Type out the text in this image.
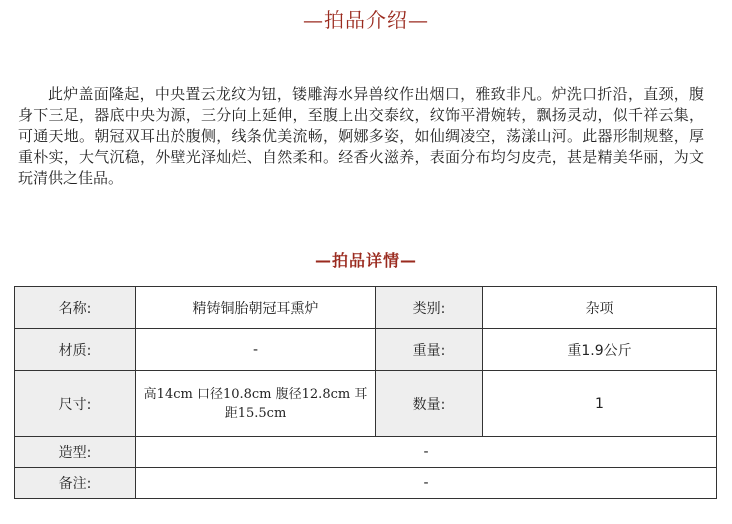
—拍品介绍—

此炉盖面隆起，中央置云龙纹为钮，镂雕海水异兽纹作出烟口，雅致非凡。炉洗口折沿，直颈，腹身下三足，器底中央为源，三分向上延伸，至腹上出交泰纹，纹饰平滑婉转，飘扬灵动，似千祥云集，可通天地。朝冠双耳出於腹侧，线条优美流畅，婀娜多姿，如仙绸凌空，荡漾山河。此器形制规整，厚重朴实，大气沉稳，外壁光泽灿烂、自然柔和。经香火滋养，表面分布均匀皮壳，甚是精美华丽，为文玩清供之佳品。

—拍品详情—
名称:	精铸铜胎朝冠耳熏炉	类别:	杂项
材质:	-	重量:	重1.9公斤
尺寸:	高14cm 口径10.8cm 腹径12.8cm 耳距15.5cm	数量:	1
造型:	-		
备注:	-		
